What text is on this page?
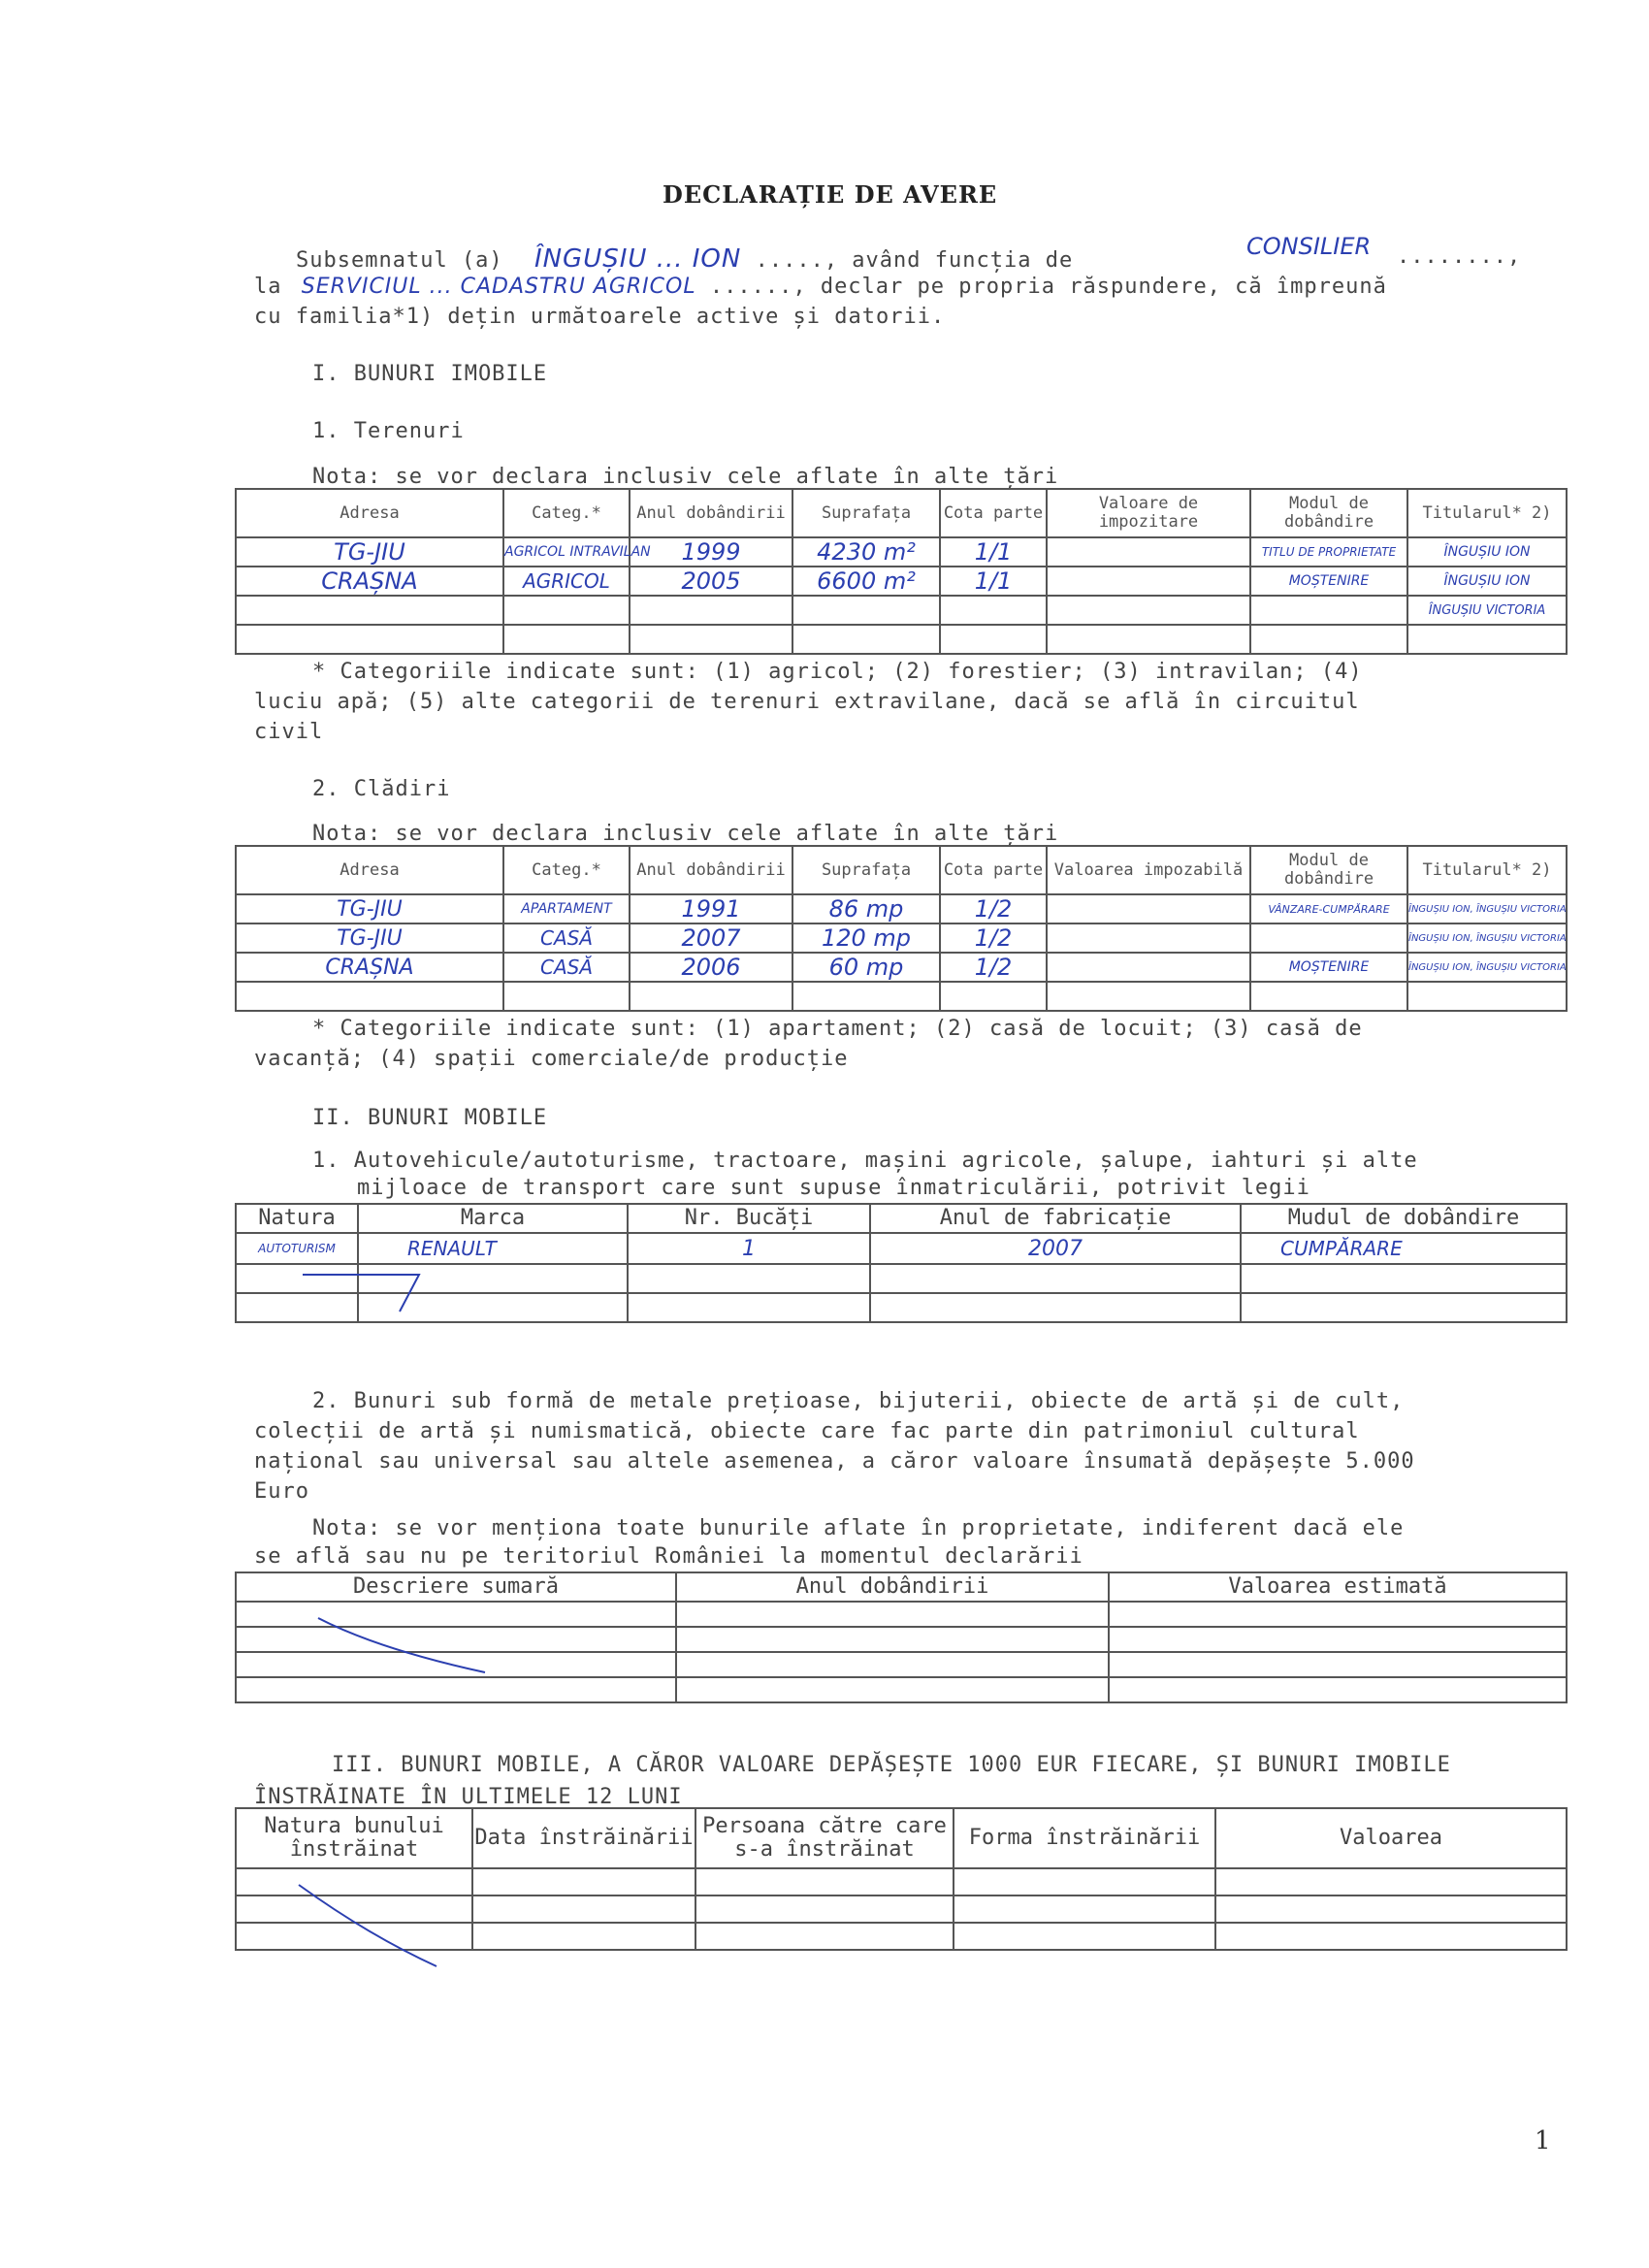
DECLARAȚIE DE AVERE
Subsemnatul (a) ÎNGUȘIU ... ION ....., având funcția de
CONSILIER ........,
la SERVICIUL ... CADASTRU AGRICOL ......, declar pe propria răspundere, că împreună
cu familia*1) dețin următoarele active și datorii.
I. BUNURI IMOBILE
1. Terenuri
Nota: se vor declara inclusiv cele aflate în alte țări
Adresa	Categ.*	Anul dobândirii	Suprafața	Cota parte	Valoare de impozitare	Modul de dobândire	Titularul* 2)
TG-JIU	AGRICOL INTRAVILAN	1999	4230 m²	1/1		TITLU DE PROPRIETATE	ÎNGUȘIU ION
CRAȘNA	AGRICOL	2005	6600 m²	1/1		MOȘTENIRE	ÎNGUȘIU ION
							ÎNGUȘIU VICTORIA

* Categoriile indicate sunt: (1) agricol; (2) forestier; (3) intravilan; (4)
luciu apă; (5) alte categorii de terenuri extravilane, dacă se află în circuitul
civil
2. Clădiri
Nota: se vor declara inclusiv cele aflate în alte țări
Adresa	Categ.*	Anul dobândirii	Suprafața	Cota parte	Valoarea impozabilă	Modul de dobândire	Titularul* 2)
TG-JIU	APARTAMENT	1991	86 mp	1/2		VÂNZARE-CUMPĂRARE	ÎNGUȘIU ION, ÎNGUȘIU VICTORIA
TG-JIU	CASĂ	2007	120 mp	1/2			ÎNGUȘIU ION, ÎNGUȘIU VICTORIA
CRAȘNA	CASĂ	2006	60 mp	1/2		MOȘTENIRE	ÎNGUȘIU ION, ÎNGUȘIU VICTORIA

* Categoriile indicate sunt: (1) apartament; (2) casă de locuit; (3) casă de
vacanță; (4) spații comerciale/de producție
II. BUNURI MOBILE
1. Autovehicule/autoturisme, tractoare, mașini agricole, șalupe, iahturi și alte
mijloace de transport care sunt supuse înmatriculării, potrivit legii
Natura	Marca	Nr. Bucăți	Anul de fabricație	Mudul de dobândire
AUTOTURISM	RENAULT	1	2007	CUMPĂRARE

2. Bunuri sub formă de metale prețioase, bijuterii, obiecte de artă și de cult,
colecții de artă și numismatică, obiecte care fac parte din patrimoniul cultural
național sau universal sau altele asemenea, a căror valoare însumată depășește 5.000
Euro
Nota: se vor menționa toate bunurile aflate în proprietate, indiferent dacă ele
se află sau nu pe teritoriul României la momentul declarării
Descriere sumară	Anul dobândirii	Valoarea estimată

III. BUNURI MOBILE, A CĂROR VALOARE DEPĂȘEȘTE 1000 EUR FIECARE, ȘI BUNURI IMOBILE
ÎNSTRĂINATE ÎN ULTIMELE 12 LUNI
Natura bunului înstrăinat	Data înstrăinării	Persoana către care s-a înstrăinat	Forma înstrăinării	Valoarea

1
